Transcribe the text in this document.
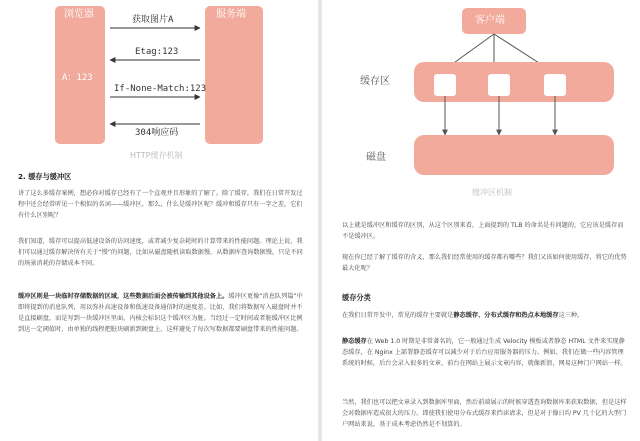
浏览器	服务端
A：123
获取图片A
Etag:123
If-None-Match:123
304响应码
HTTP缓存机制
2. 缓存与缓冲区
讲了这么多缓存案例，想必你对缓存已经有了一个直观并且形象的了解了。除了缓存，我们在日常开发过程中还会经常听见一个相似的名词——缓冲区，那么，什么是缓冲区呢？缓冲和缓存只有一字之差，它们有什么区别呢？
我们知道，缓存可以提高低速设备的访问速度，或者减少复杂耗时的计算带来的性能问题。理论上说，我们可以通过缓存解决所有关于“慢”的问题，比如从磁盘随机读取数据慢，从数据库查询数据慢，只是不同的场景消耗的存储成本不同。
缓冲区则是一块临时存储数据的区域，这些数据后面会被传输到其他设备上。缓冲区更像“消息队列篇”中即将提到的消息队列，用以弥补高速设备和低速设备通信时的速度差。比如，我们将数据写入磁盘时并不是直接刷盘，而是写到一块缓冲区里面，内核会标识这个缓冲区为脏。当经过一定时间或者脏缓冲区比例到达一定阈值时，由单独的线程把脏块刷新到硬盘上，这样避免了每次写数据都要刷盘带来的性能问题。
客户端
缓存区
磁盘
缓冲区机制
以上就是缓冲区和缓存的区别，从这个区别来看，上面提到的 TLB 的命名是有问题的，它应该是缓存而不是缓冲区。
现在你已经了解了缓存的含义，那么我们经常使用的缓存都有哪些？我们又该如何使用缓存，将它的优势最大化呢？
缓存分类
在我们日常开发中，常见的缓存主要就是静态缓存、分布式缓存和热点本地缓存这三种。
静态缓存在 Web 1.0 时期是非常著名的，它一般通过生成 Velocity 模板或者静态 HTML 文件来实现静态缓存，在 Nginx 上部署静态缓存可以减少对于后台应用服务器的压力。例如，我们在做一些内容管理系统的时候，后台会录入很多的文章，前台在网站上展示文章内容，就像新浪，网易这种门户网站一样。
当然，我们也可以把文章录入到数据库里面，然后前端展示的时候穿透查询数据库来获取数据，但是这样会对数据库造成很大的压力。即使我们使用分布式缓存来挡读请求，但是对于像日均 PV 几十亿的大型门户网站来说，基于成本考虑仍然是不划算的。
